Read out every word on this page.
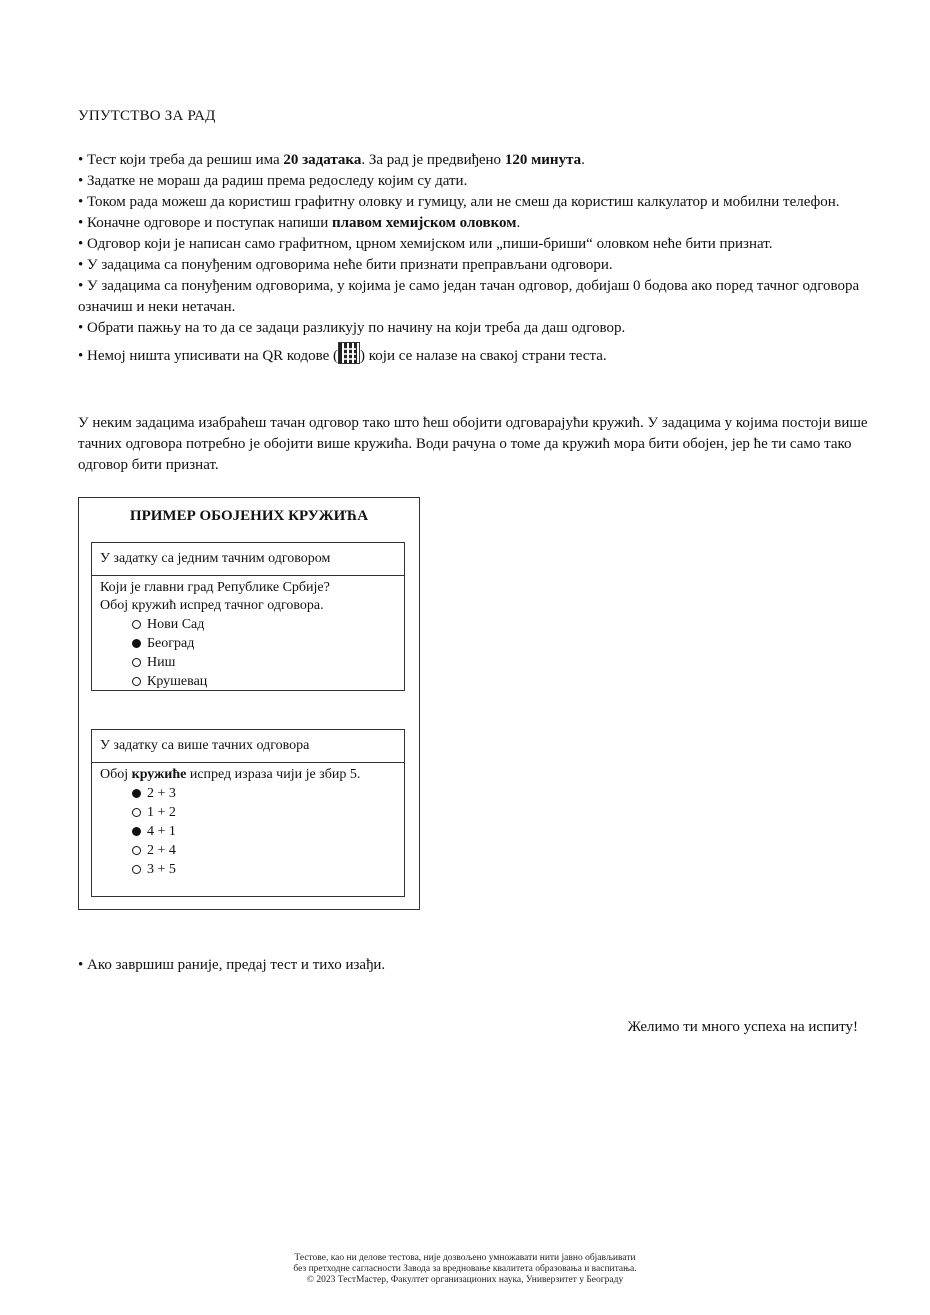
УПУТСТВО ЗА РАД

• Тест који треба да решиш има 20 задатака. За рад је предвиђено 120 минута.

• Задатке не мораш да радиш према редоследу којим су дати.

• Током рада можеш да користиш графитну оловку и гумицу, али не смеш да користиш калкулатор и мобилни телефон.

• Коначне одговоре и поступак напиши плавом хемијском оловком.

• Одговор који је написан само графитном, црном хемијском или „пиши-бриши“ оловком неће бити признат.

• У задацима са понуђеним одговорима неће бити признати преправљани одговори.

• У задацима са понуђеним одговорима, у којима је само један тачан одговор, добијаш 0 бодова ако поред тачног одговора означиш и неки нетачан.

• Обрати пажњу на то да се задаци разликују по начину на који треба да даш одговор.

• Немој ништа уписивати на QR кодове ( ) који се налазе на свакој страни теста.

У неким задацима изабраћеш тачан одговор тако што ћеш обојити одговарајући кружић. У задацима у којима постоји више тачних одговора потребно је обојити више кружића. Води рачуна о томе да кружић мора бити обојен, јер ће ти само тако одговор бити признат.

ПРИМЕР ОБОЈЕНИХ КРУЖИЋА
У задатку са једним тачним одговором
Који је главни град Републике Србије?
Обој кружић испред тачног одговора.
Нови Сад
Београд
Ниш
Крушевац
У задатку са више тачних одговора
Обој кружиће испред израза чији је збир 5.
2 + 3
1 + 2
4 + 1
2 + 4
3 + 5

• Ако завршиш раније, предај тест и тихо изађи.

Желимо ти много успеха на испиту!

Тестове, као ни делове тестова, није дозвољено умножавати нити јавно објављивати

без претходне сагласности Завода за вредновање квалитета образовања и васпитања.

© 2023 ТестМастер, Факултет организационих наука, Универзитет у Београду
